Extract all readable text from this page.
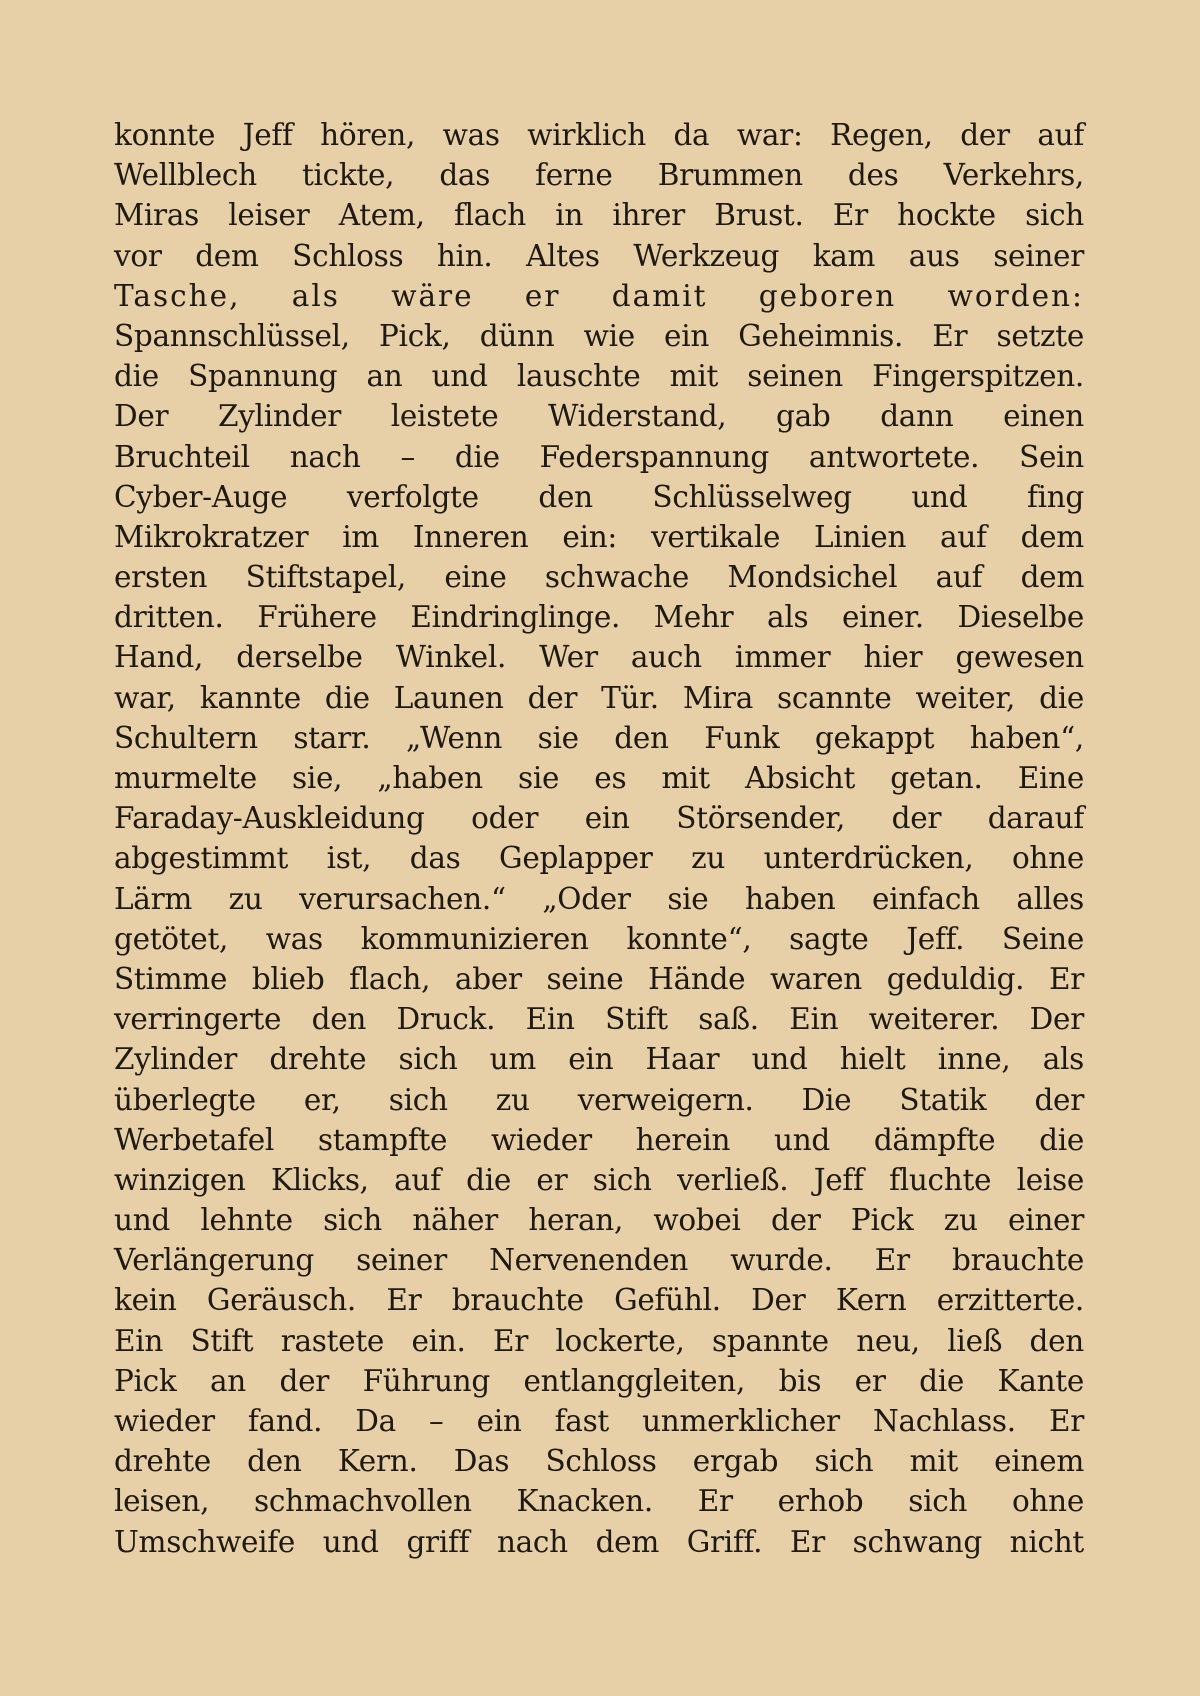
konnte Jeff hören, was wirklich da war: Regen, der auf
Wellblech tickte, das ferne Brummen des Verkehrs,
Miras leiser Atem, flach in ihrer Brust. Er hockte sich
vor dem Schloss hin. Altes Werkzeug kam aus seiner
Tasche, als wäre er damit geboren worden:
Spannschlüssel, Pick, dünn wie ein Geheimnis. Er setzte
die Spannung an und lauschte mit seinen Fingerspitzen.
Der Zylinder leistete Widerstand, gab dann einen
Bruchteil nach – die Federspannung antwortete. Sein
Cyber-Auge verfolgte den Schlüsselweg und fing
Mikrokratzer im Inneren ein: vertikale Linien auf dem
ersten Stiftstapel, eine schwache Mondsichel auf dem
dritten. Frühere Eindringlinge. Mehr als einer. Dieselbe
Hand, derselbe Winkel. Wer auch immer hier gewesen
war, kannte die Launen der Tür. Mira scannte weiter, die
Schultern starr. „Wenn sie den Funk gekappt haben“,
murmelte sie, „haben sie es mit Absicht getan. Eine
Faraday-Auskleidung oder ein Störsender, der darauf
abgestimmt ist, das Geplapper zu unterdrücken, ohne
Lärm zu verursachen.“ „Oder sie haben einfach alles
getötet, was kommunizieren konnte“, sagte Jeff. Seine
Stimme blieb flach, aber seine Hände waren geduldig. Er
verringerte den Druck. Ein Stift saß. Ein weiterer. Der
Zylinder drehte sich um ein Haar und hielt inne, als
überlegte er, sich zu verweigern. Die Statik der
Werbetafel stampfte wieder herein und dämpfte die
winzigen Klicks, auf die er sich verließ. Jeff fluchte leise
und lehnte sich näher heran, wobei der Pick zu einer
Verlängerung seiner Nervenenden wurde. Er brauchte
kein Geräusch. Er brauchte Gefühl. Der Kern erzitterte.
Ein Stift rastete ein. Er lockerte, spannte neu, ließ den
Pick an der Führung entlanggleiten, bis er die Kante
wieder fand. Da – ein fast unmerklicher Nachlass. Er
drehte den Kern. Das Schloss ergab sich mit einem
leisen, schmachvollen Knacken. Er erhob sich ohne
Umschweife und griff nach dem Griff. Er schwang nicht
